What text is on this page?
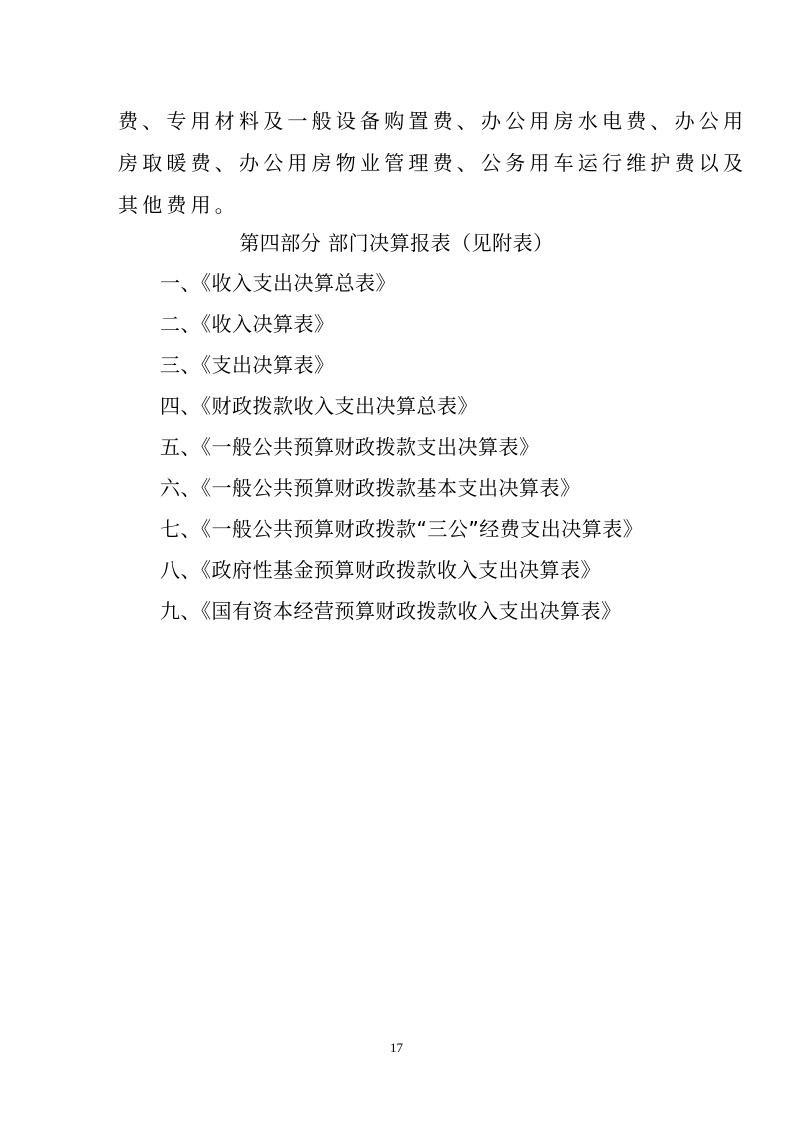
费、专用材料及一般设备购置费、办公用房水电费、办公用
房取暖费、办公用房物业管理费、公务用车运行维护费以及
其他费用。
第四部分 部门决算报表（见附表）
一、《收入支出决算总表》
二、《收入决算表》
三、《支出决算表》
四、《财政拨款收入支出决算总表》
五、《一般公共预算财政拨款支出决算表》
六、《一般公共预算财政拨款基本支出决算表》
七、《一般公共预算财政拨款“三公”经费支出决算表》
八、《政府性基金预算财政拨款收入支出决算表》
九、《国有资本经营预算财政拨款收入支出决算表》
17
